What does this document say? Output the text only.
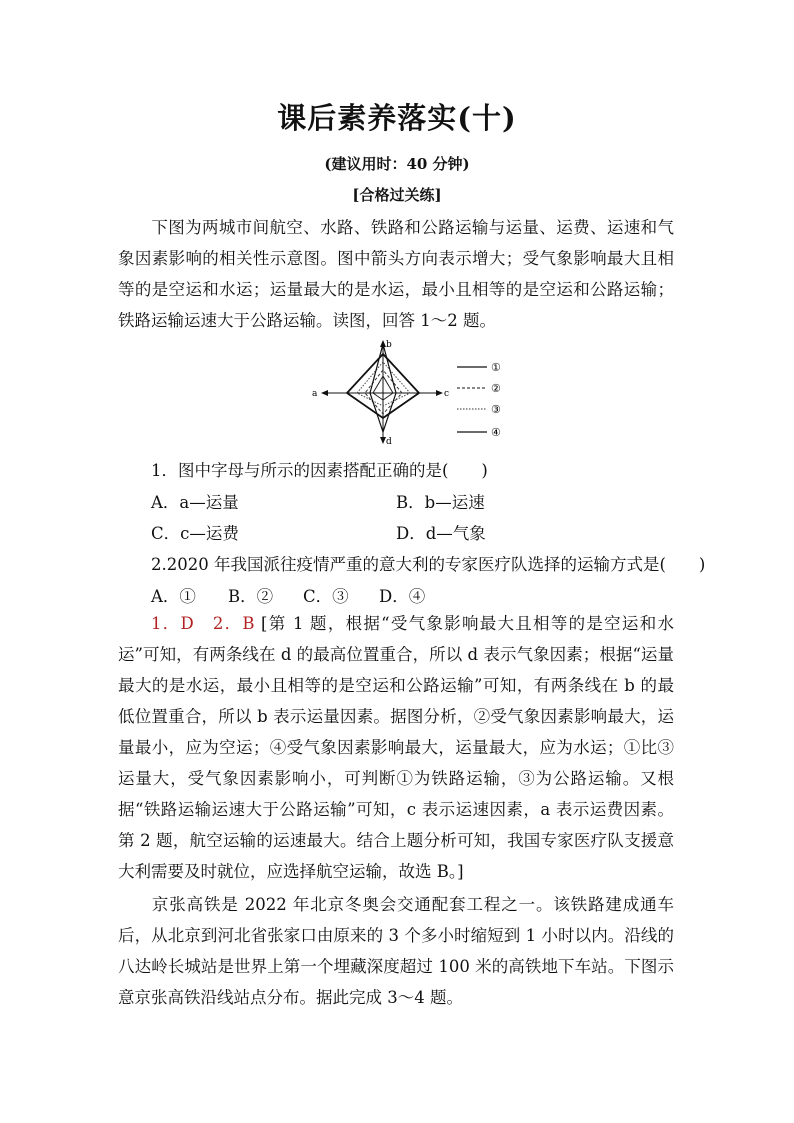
课后素养落实(十)
(建议用时：40 分钟)
[合格过关练]
下图为两城市间航空、水路、铁路和公路运输与运量、运费、运速和气象因素影响的相关性示意图。图中箭头方向表示增大；受气象影响最大且相等的是空运和水运；运量最大的是水运，最小且相等的是空运和公路运输；铁路运输运速大于公路运输。读图，回答 1～2 题。
b
d
a	c
①
②
③
④
1．图中字母与所示的因素搭配正确的是(　　)
A．a—运量	B．b—运速
C．c—运费	D．d—气象
2.2020 年我国派往疫情严重的意大利的专家医疗队选择的运输方式是(　　)
A．① B．② C．③ D．④
1．D　2．B [第 1 题，根据“受气象影响最大且相等的是空运和水运”可知，有两条线在 d 的最高位置重合，所以 d 表示气象因素；根据“运量最大的是水运，最小且相等的是空运和公路运输”可知，有两条线在 b 的最低位置重合，所以 b 表示运量因素。据图分析，②受气象因素影响最大，运量最小，应为空运；④受气象因素影响最大，运量最大，应为水运；①比③运量大，受气象因素影响小，可判断①为铁路运输，③为公路运输。又根据“铁路运输运速大于公路运输”可知，c 表示运速因素，a 表示运费因素。第 2 题，航空运输的运速最大。结合上题分析可知，我国专家医疗队支援意大利需要及时就位，应选择航空运输，故选 B。]
京张高铁是 2022 年北京冬奥会交通配套工程之一。该铁路建成通车后，从北京到河北省张家口由原来的 3 个多小时缩短到 1 小时以内。沿线的八达岭长城站是世界上第一个埋藏深度超过 100 米的高铁地下车站。下图示意京张高铁沿线站点分布。据此完成 3～4 题。
